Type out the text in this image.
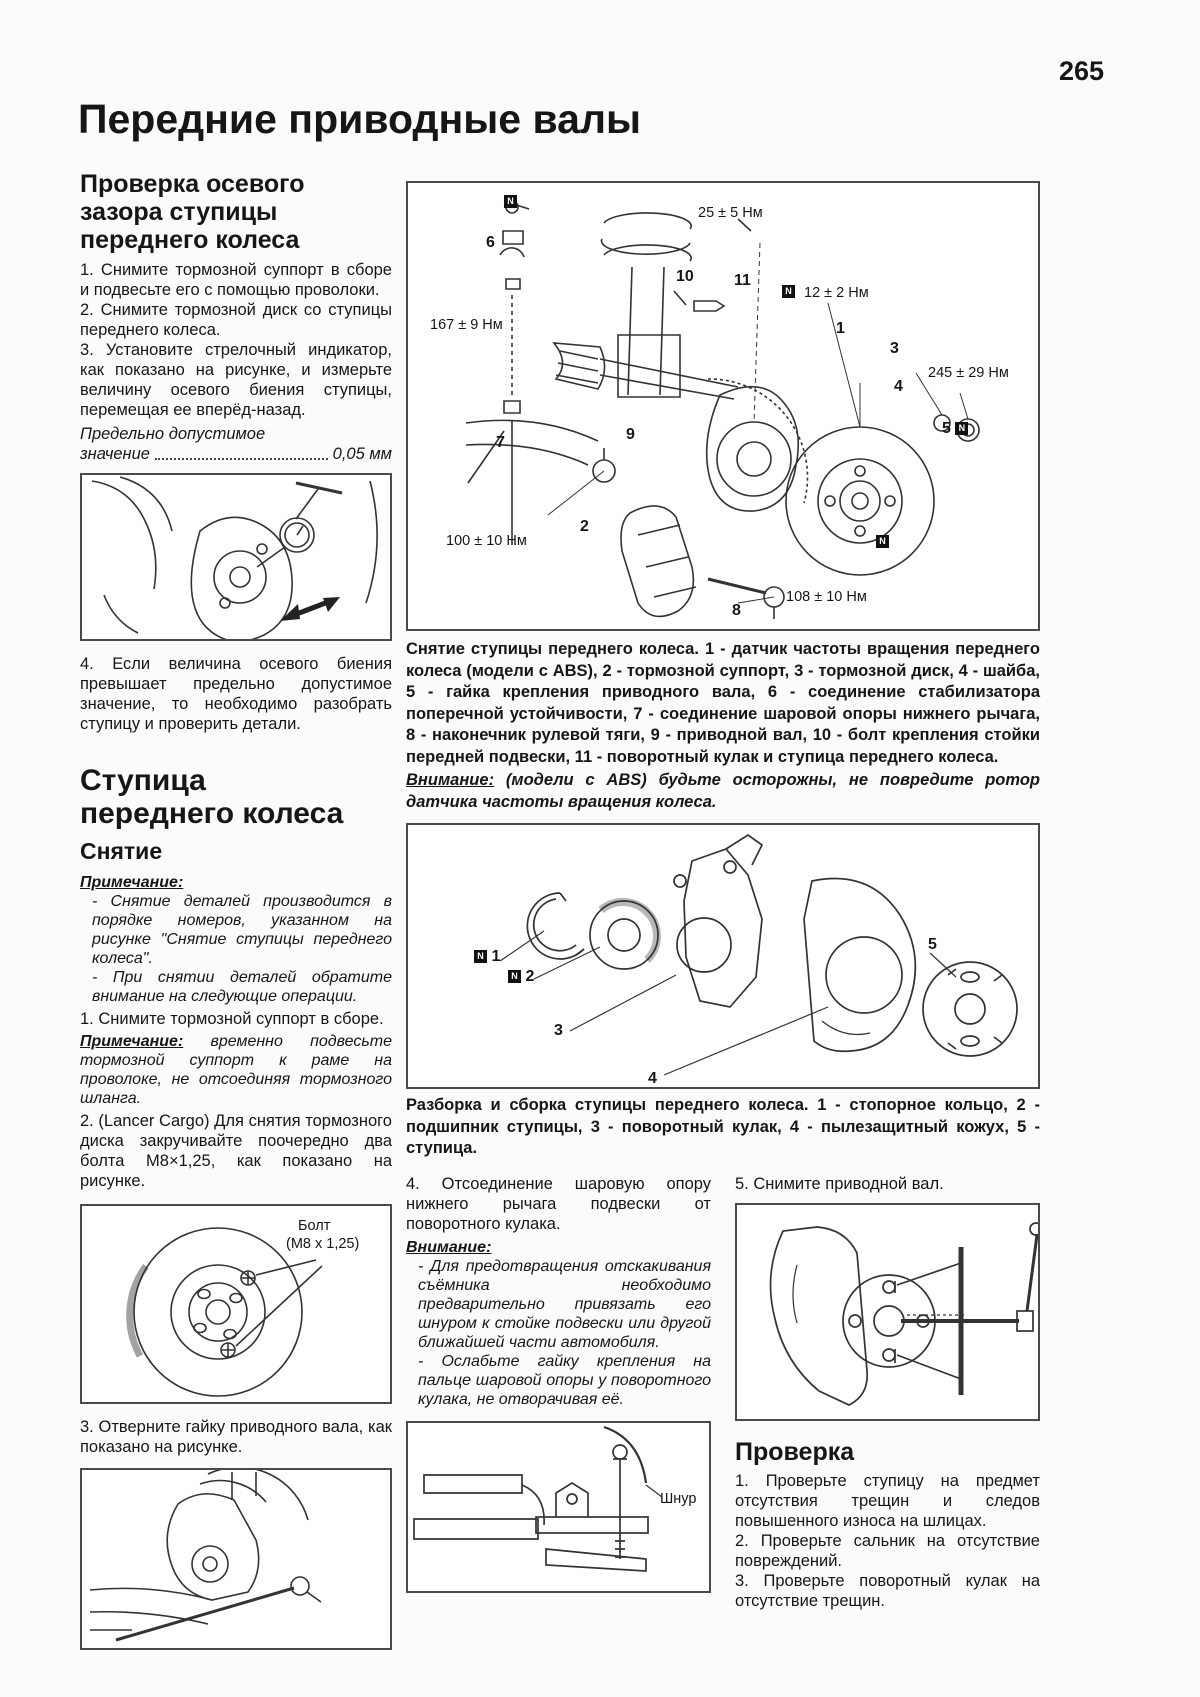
265
Передние приводные валы
Проверка осевого зазора ступицы переднего колеса

1. Снимите тормозной суппорт в сборе и подвесьте его с помощью проволоки.

2. Снимите тормозной диск со ступицы переднего колеса.

3. Установите стрелочный индикатор, как показано на рисунке, и измерьте величину осевого биения ступицы, перемещая ее вперёд-назад.

Предельно допустимое
значение	0,05 мм

4. Если величина осевого биения превышает предельно допустимое значение, то необходимо разобрать ступицу и проверить детали.

Ступица
переднего колеса
Снятие
Примечание:

- Снятие деталей производится в порядке номеров, указанном на рисунке "Снятие ступицы переднего колеса".

- При снятии деталей обратите внимание на следующие операции.

1. Снимите тормозной суппорт в сборе.

Примечание: временно подвесьте тормозной суппорт к раме на проволоке, не отсоединяя тормозного шланга.

2. (Lancer Cargo) Для снятия тормозного диска закручивайте поочередно два болта М8×1,25, как показано на рисунке.

Болт
(М8 х 1,25)

3. Отверните гайку приводного вала, как показано на рисунке.

N
6
25 ± 5 Нм
10	11
N 12 ± 2 Нм
167 ± 9 Нм	1
3
4
245 ± 29 Нм
5 N
9
7
2
100 ± 10 Нм	N
8
108 ± 10 Нм

Снятие ступицы переднего колеса. 1 - датчик частоты вращения переднего колеса (модели с ABS), 2 - тормозной суппорт, 3 - тормозной диск, 4 - шайба, 5 - гайка крепления приводного вала, 6 - соединение стабилизатора поперечной устойчивости, 7 - соединение шаровой опоры нижнего рычага, 8 - наконечник рулевой тяги, 9 - приводной вал, 10 - болт крепления стойки передней подвески, 11 - поворотный кулак и ступица переднего колеса.

Внимание: (модели с ABS) будьте осторожны, не повредите ротор датчика частоты вращения колеса.

N 1
N 2
3
4
5

Разборка и сборка ступицы переднего колеса. 1 - стопорное кольцо, 2 - подшипник ступицы, 3 - поворотный кулак, 4 - пылезащитный кожух, 5 - ступица.

4. Отсоединение шаровую опору нижнего рычага подвески от поворотного кулака.

Внимание:

- Для предотвращения отскакивания съёмника необходимо предварительно привязать его шнуром к стойке подвески или другой ближайшей части автомобиля.

- Ослабьте гайку крепления на пальце шаровой опоры у поворотного кулака, не отворачивая её.

Шнур

5. Снимите приводной вал.

Проверка

1. Проверьте ступицу на предмет отсутствия трещин и следов повышенного износа на шлицах.

2. Проверьте сальник на отсутствие повреждений.

3. Проверьте поворотный кулак на отсутствие трещин.
